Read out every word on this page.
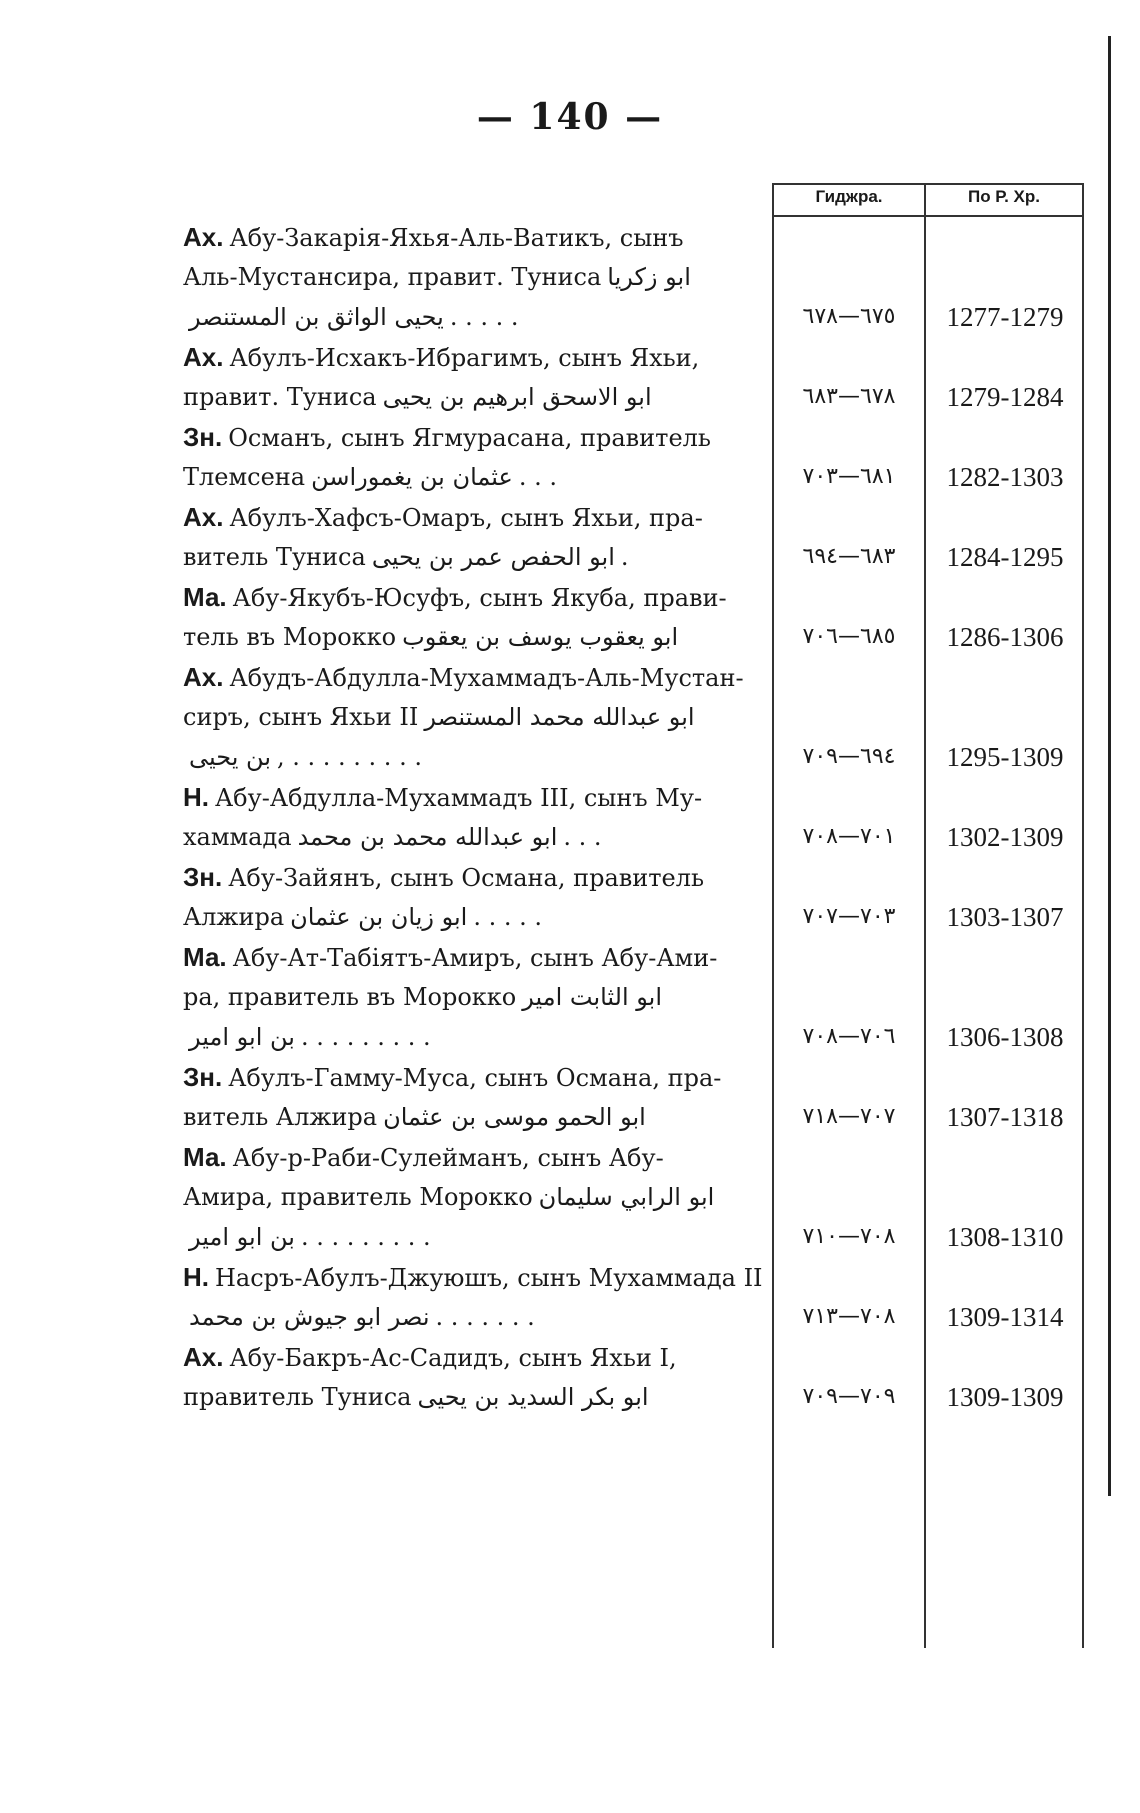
— 140 —
Гиджра.	По Р. Хр.
Ах. Абу-Закарія-Яхья-Аль-Ватикъ, сынъ
Аль-Мустансира, правит. Туниса ابو زكريا
يحيى الواثق بن المستنصر . . . . .	٦٧٥—٦٧٨	1277-1279
Ах. Абулъ-Исхакъ-Ибрагимъ, сынъ Яхьи,
правит. Туниса ابو الاسحق ابرهيم بن يحيى	٦٧٨—٦٨٣	1279-1284
Зн. Османъ, сынъ Ягмурасана, правитель
Тлемсена عثمان بن يغموراسن . . .	٦٨١—٧٠٣	1282-1303
Ах. Абулъ-Хафсъ-Омаръ, сынъ Яхьи, пра-
витель Туниса ابو الحفص عمر بن يحيى .	٦٨٣—٦٩٤	1284-1295
Ма. Абу-Якубъ-Юсуфъ, сынъ Якуба, прави-
тель въ Мороккo ابو يعقوب يوسف بن يعقوب	٦٨٥—٧٠٦	1286-1306
Ах. Абудъ-Абдулла-Мухаммадъ-Аль-Мустан-
сиръ, сынъ Яхьи II ابو عبدالله محمد المستنصر
بن يحيى , . . . . . . . . .	٦٩٤—٧٠٩	1295-1309
Н. Абу-Абдулла-Мухаммадъ III, сынъ Му-
хаммада ابو عبدالله محمد بن محمد . . .	٧٠١—٧٠٨	1302-1309
Зн. Абу-Зайянъ, сынъ Османа, правитель
Алжира ابو زيان بن عثمان . . . . .	٧٠٣—٧٠٧	1303-1307
Ма. Абу-Ат-Табіятъ-Амиръ, сынъ Абу-Ами-
ра, правитель въ Мороккo ابو الثابت امير
بن ابو امير . . . . . . . . .	٧٠٦—٧٠٨	1306-1308
Зн. Абулъ-Гаммy-Муса, сынъ Османа, пра-
витель Алжира ابو الحمو موسى بن عثمان	٧٠٧—٧١٨	1307-1318
Ма. Абу-р-Раби-Сулейманъ, сынъ Абу-
Амира, правитель Мороккo ابو الرابي سليمان
بن ابو امير . . . . . . . . .	٧٠٨—٧١٠	1308-1310
Н. Насръ-Абулъ-Джуюшъ, сынъ Мухаммада II
نصر ابو جيوش بن محمد . . . . . . .	٧٠٨—٧١٣	1309-1314
Ах. Абу-Бакръ-Ас-Садидъ, сынъ Яхьи I,
правитель Туниса ابو بكر السديد بن يحيى	٧٠٩—٧٠٩	1309-1309
